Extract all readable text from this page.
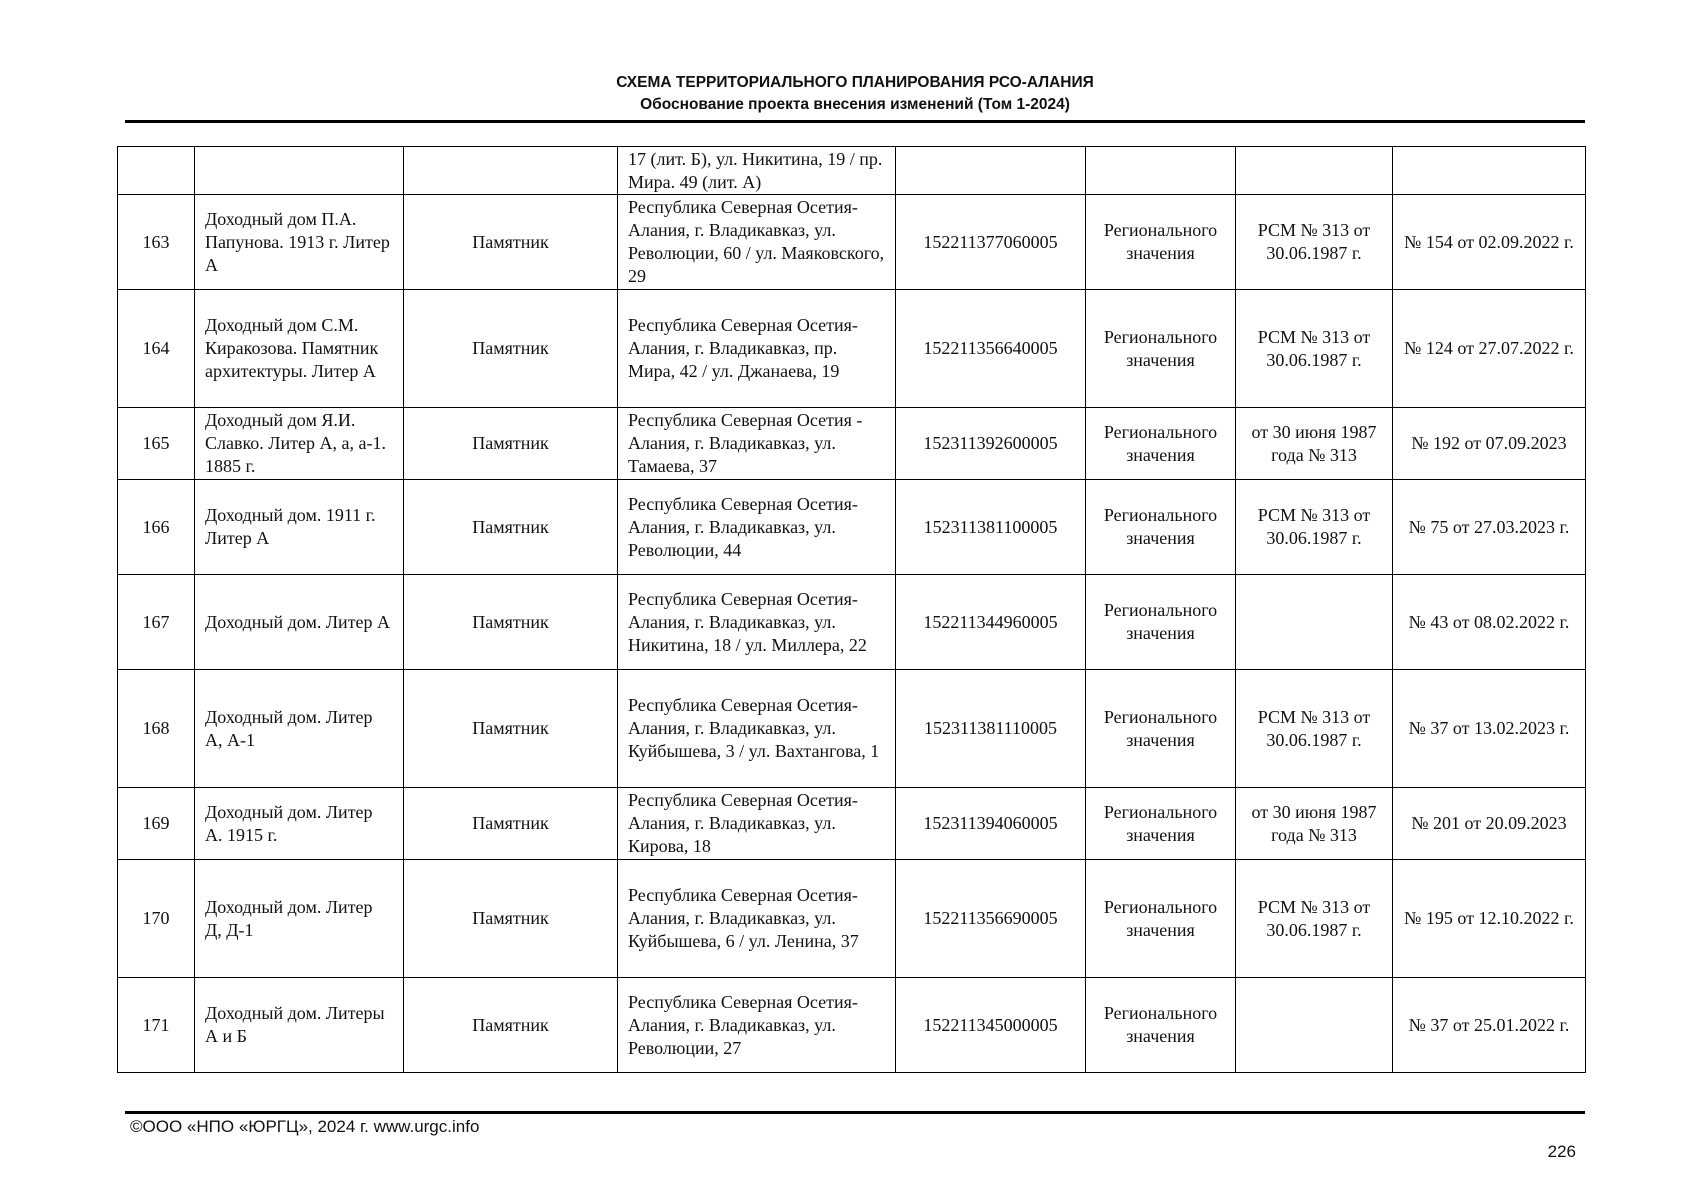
СХЕМА ТЕРРИТОРИАЛЬНОГО ПЛАНИРОВАНИЯ РСО-АЛАНИЯ
Обоснование проекта внесения изменений (Том 1-2024)
			17 (лит. Б), ул. Никитина, 19 / пр. Мира. 49 (лит. А)				
163	Доходный дом П.А. Папунова. 1913 г. Литер А	Памятник	Республика Северная Осетия-Алания, г. Владикавказ, ул. Революции, 60 / ул. Маяковского, 29	152211377060005	Регионального значения	РСМ № 313 от 30.06.1987 г.	№ 154 от 02.09.2022 г.
164	Доходный дом С.М. Киракозова. Памятник архитектуры. Литер А	Памятник	Республика Северная Осетия-Алания, г. Владикавказ, пр. Мира, 42 / ул. Джанаева, 19	152211356640005	Регионального значения	РСМ № 313 от 30.06.1987 г.	№ 124 от 27.07.2022 г.
165	Доходный дом Я.И. Славко. Литер А, а, а-1. 1885 г.	Памятник	Республика Северная Осетия - Алания, г. Владикавказ, ул. Тамаева, 37	152311392600005	Регионального значения	от 30 июня 1987 года № 313	№ 192 от 07.09.2023
166	Доходный дом. 1911 г. Литер А	Памятник	Республика Северная Осетия-Алания, г. Владикавказ, ул. Революции, 44	152311381100005	Регионального значения	РСМ № 313 от 30.06.1987 г.	№ 75 от 27.03.2023 г.
167	Доходный дом. Литер А	Памятник	Республика Северная Осетия-Алания, г. Владикавказ, ул. Никитина, 18 / ул. Миллера, 22	152211344960005	Регионального значения		№ 43 от 08.02.2022 г.
168	Доходный дом. Литер А, А-1	Памятник	Республика Северная Осетия-Алания, г. Владикавказ, ул. Куйбышева, 3 / ул. Вахтангова, 1	152311381110005	Регионального значения	РСМ № 313 от 30.06.1987 г.	№ 37 от 13.02.2023 г.
169	Доходный дом. Литер А. 1915 г.	Памятник	Республика Северная Осетия-Алания, г. Владикавказ, ул. Кирова, 18	152311394060005	Регионального значения	от 30 июня 1987 года № 313	№ 201 от 20.09.2023
170	Доходный дом. Литер Д, Д-1	Памятник	Республика Северная Осетия-Алания, г. Владикавказ, ул. Куйбышева, 6 / ул. Ленина, 37	152211356690005	Регионального значения	РСМ № 313 от 30.06.1987 г.	№ 195 от 12.10.2022 г.
171	Доходный дом. Литеры А и Б	Памятник	Республика Северная Осетия-Алания, г. Владикавказ, ул. Революции, 27	152211345000005	Регионального значения		№ 37 от 25.01.2022 г.
©ООО «НПО «ЮРГЦ», 2024 г. www.urgc.info
226
